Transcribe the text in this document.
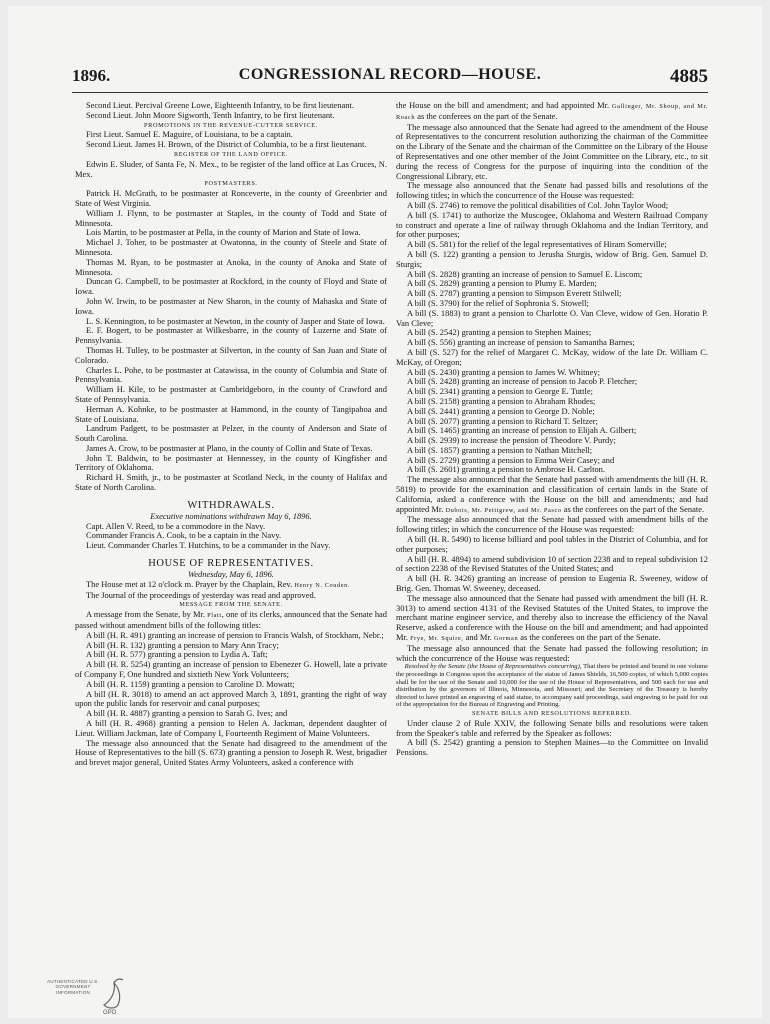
1896.	CONGRESSIONAL RECORD—HOUSE.	4885

Second Lieut. Percival Greene Lowe, Eighteenth Infantry, to be first lieutenant.

Second Lieut. John Moore Sigworth, Tenth Infantry, to be first lieutenant.

PROMOTIONS IN THE REVENUE-CUTTER SERVICE.

First Lieut. Samuel E. Maguire, of Louisiana, to be a captain.

Second Lieut. James H. Brown, of the District of Columbia, to be a first lieutenant.

REGISTER OF THE LAND OFFICE.

Edwin E. Sluder, of Santa Fe, N. Mex., to be register of the land office at Las Cruces, N. Mex.

POSTMASTERS.

Patrick H. McGrath, to be postmaster at Ronceverte, in the county of Greenbrier and State of West Virginia.

William J. Flynn, to be postmaster at Staples, in the county of Todd and State of Minnesota.

Lois Martin, to be postmaster at Pella, in the county of Marion and State of Iowa.

Michael J. Toher, to be postmaster at Owatonna, in the county of Steele and State of Minnesota.

Thomas M. Ryan, to be postmaster at Anoka, in the county of Anoka and State of Minnesota.

Duncan G. Campbell, to be postmaster at Rockford, in the county of Floyd and State of Iowa.

John W. Irwin, to be postmaster at New Sharon, in the county of Mahaska and State of Iowa.

L. S. Kennington, to be postmaster at Newton, in the county of Jasper and State of Iowa.

E. F. Bogert, to be postmaster at Wilkesbarre, in the county of Luzerne and State of Pennsylvania.

Thomas H. Tulley, to be postmaster at Silverton, in the county of San Juan and State of Colorado.

Charles L. Pohe, to be postmaster at Catawissa, in the county of Columbia and State of Pennsylvania.

William H. Kile, to be postmaster at Cambridgeboro, in the county of Crawford and State of Pennsylvania.

Herman A. Kohnke, to be postmaster at Hammond, in the county of Tangipahoa and State of Louisiana.

Landrum Padgett, to be postmaster at Pelzer, in the county of Anderson and State of South Carolina.

James A. Crow, to be postmaster at Plano, in the county of Collin and State of Texas.

John T. Baldwin, to be postmaster at Hennessey, in the county of Kingfisher and Territory of Oklahoma.

Richard H. Smith, jr., to be postmaster at Scotland Neck, in the county of Halifax and State of North Carolina.

WITHDRAWALS.

Executive nominations withdrawn May 6, 1896.

Capt. Allen V. Reed, to be a commodore in the Navy.

Commander Francis A. Cook, to be a captain in the Navy.

Lieut. Commander Charles T. Hutchins, to be a commander in the Navy.

HOUSE OF REPRESENTATIVES.

Wednesday, May 6, 1896.

The House met at 12 o'clock m. Prayer by the Chaplain, Rev. Henry N. Couden.

The Journal of the proceedings of yesterday was read and approved.

MESSAGE FROM THE SENATE.

A message from the Senate, by Mr. Platt, one of its clerks, announced that the Senate had passed without amendment bills of the following titles:

A bill (H. R. 491) granting an increase of pension to Francis Walsh, of Stockham, Nebr.;

A bill (H. R. 132) granting a pension to Mary Ann Tracy;

A bill (H. R. 577) granting a pension to Lydia A. Taft;

A bill (H. R. 5254) granting an increase of pension to Ebenezer G. Howell, late a private of Company F, One hundred and sixtieth New York Volunteers;

A bill (H. R. 1159) granting a pension to Caroline D. Mowatt;

A bill (H. R. 3018) to amend an act approved March 3, 1891, granting the right of way upon the public lands for reservoir and canal purposes;

A bill (H. R. 4887) granting a pension to Sarah G. Ives; and

A bill (H. R. 4968) granting a pension to Helen A. Jackman, dependent daughter of Lieut. William Jackman, late of Company I, Fourteenth Regiment of Maine Volunteers.

The message also announced that the Senate had disagreed to the amendment of the House of Representatives to the bill (S. 673) granting a pension to Joseph R. West, brigadier and brevet major general, United States Army Volunteers, asked a conference with

the House on the bill and amendment; and had appointed Mr. Gallinger, Mr. Shoup, and Mr. Roach as the conferees on the part of the Senate.

The message also announced that the Senate had agreed to the amendment of the House of Representatives to the concurrent resolution authorizing the chairman of the Committee on the Library of the Senate and the chairman of the Committee on the Library of the House of Representatives and one other member of the Joint Committee on the Library, etc., to sit during the recess of Congress for the purpose of inquiring into the condition of the Congressional Library, etc.

The message also announced that the Senate had passed bills and resolutions of the following titles; in which the concurrence of the House was requested:

A bill (S. 2746) to remove the political disabilities of Col. John Taylor Wood;

A bill (S. 1741) to authorize the Muscogee, Oklahoma and Western Railroad Company to construct and operate a line of railway through Oklahoma and the Indian Territory, and for other purposes;

A bill (S. 581) for the relief of the legal representatives of Hiram Somerville;

A bill (S. 122) granting a pension to Jerusha Sturgis, widow of Brig. Gen. Samuel D. Sturgis;

A bill (S. 2828) granting an increase of pension to Samuel E. Liscom;

A bill (S. 2829) granting a pension to Plumy E. Marden;

A bill (S. 2787) granting a pension to Simpson Everett Stilwell;

A bill (S. 3790) for the relief of Sophronia S. Stowell;

A bill (S. 1883) to grant a pension to Charlotte O. Van Cleve, widow of Gen. Horatio P. Van Cleve;

A bill (S. 2542) granting a pension to Stephen Maines;

A bill (S. 556) granting an increase of pension to Samantha Barnes;

A bill (S. 527) for the relief of Margaret C. McKay, widow of the late Dr. William C. McKay, of Oregon;

A bill (S. 2430) granting a pension to James W. Whitney;

A bill (S. 2428) granting an increase of pension to Jacob P. Fletcher;

A bill (S. 2341) granting a pension to George E. Tuttle;

A bill (S. 2158) granting a pension to Abraham Rhodes;

A bill (S. 2441) granting a pension to George D. Noble;

A bill (S. 2077) granting a pension to Richard T. Seltzer;

A bill (S. 1465) granting an increase of pension to Elijah A. Gilbert;

A bill (S. 2939) to increase the pension of Theodore V. Purdy;

A bill (S. 1857) granting a pension to Nathan Mitchell;

A bill (S. 2729) granting a pension to Emma Weir Casey; and

A bill (S. 2601) granting a pension to Ambrose H. Carlton.

The message also announced that the Senate had passed with amendments the bill (H. R. 5819) to provide for the examination and classification of certain lands in the State of California, asked a conference with the House on the bill and amendments; and had appointed Mr. Dubois, Mr. Pettigrew, and Mr. Pasco as the conferees on the part of the Senate.

The message also announced that the Senate had passed with amendment bills of the following titles; in which the concurrence of the House was requested:

A bill (H. R. 5490) to license billiard and pool tables in the District of Columbia, and for other purposes;

A bill (H. R. 4894) to amend subdivision 10 of section 2238 and to repeal subdivision 12 of section 2238 of the Revised Statutes of the United States; and

A bill (H. R. 3426) granting an increase of pension to Eugenia R. Sweeney, widow of Brig. Gen. Thomas W. Sweeney, deceased.

The message also announced that the Senate had passed with amendment the bill (H. R. 3013) to amend section 4131 of the Revised Statutes of the United States, to improve the merchant marine engineer service, and thereby also to increase the efficiency of the Naval Reserve, asked a conference with the House on the bill and amendment; and had appointed Mr. Frye, Mr. Squire, and Mr. Gorman as the conferees on the part of the Senate.

The message also announced that the Senate had passed the following resolution; in which the concurrence of the House was requested:

Resolved by the Senate (the House of Representatives concurring), That there be printed and bound in one volume the proceedings in Congress upon the acceptance of the statue of James Shields, 16,500 copies, of which 5,000 copies shall be for the use of the Senate and 10,000 for the use of the House of Representatives, and 500 each for use and distribution by the governors of Illinois, Minnesota, and Missouri; and the Secretary of the Treasury is hereby directed to have printed an engraving of said statue, to accompany said proceedings, said engraving to be paid for out of the appropriation for the Bureau of Engraving and Printing.

SENATE BILLS AND RESOLUTIONS REFERRED.

Under clause 2 of Rule XXIV, the following Senate bills and resolutions were taken from the Speaker's table and referred by the Speaker as follows:

A bill (S. 2542) granting a pension to Stephen Maines—to the Committee on Invalid Pensions.

AUTHENTICATED U.S. GOVERNMENT INFORMATION
GPO
